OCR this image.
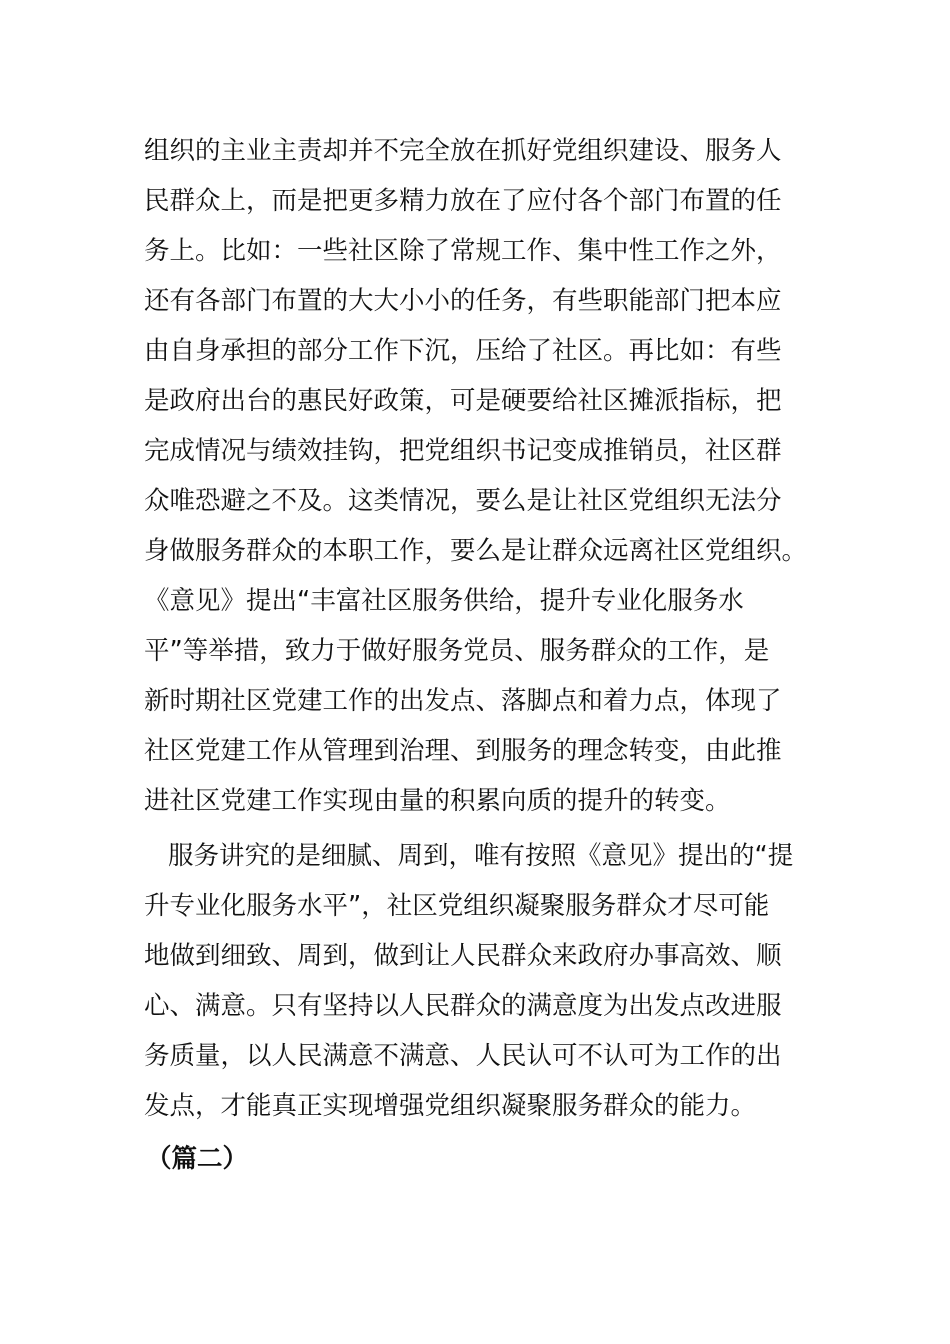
组织的主业主责却并不完全放在抓好党组织建设、服务人
民群众上，而是把更多精力放在了应付各个部门布置的任
务上。比如：一些社区除了常规工作、集中性工作之外，
还有各部门布置的大大小小的任务，有些职能部门把本应
由自身承担的部分工作下沉，压给了社区。再比如：有些
是政府出台的惠民好政策，可是硬要给社区摊派指标，把
完成情况与绩效挂钩，把党组织书记变成推销员，社区群
众唯恐避之不及。这类情况，要么是让社区党组织无法分
身做服务群众的本职工作，要么是让群众远离社区党组织。
《意见》提出“丰富社区服务供给，提升专业化服务水
平”等举措，致力于做好服务党员、服务群众的工作，是
新时期社区党建工作的出发点、落脚点和着力点，体现了
社区党建工作从管理到治理、到服务的理念转变，由此推
进社区党建工作实现由量的积累向质的提升的转变。
服务讲究的是细腻、周到，唯有按照《意见》提出的“提
升专业化服务水平”，社区党组织凝聚服务群众才尽可能
地做到细致、周到，做到让人民群众来政府办事高效、顺
心、满意。只有坚持以人民群众的满意度为出发点改进服
务质量，以人民满意不满意、人民认可不认可为工作的出
发点，才能真正实现增强党组织凝聚服务群众的能力。
（篇二）
